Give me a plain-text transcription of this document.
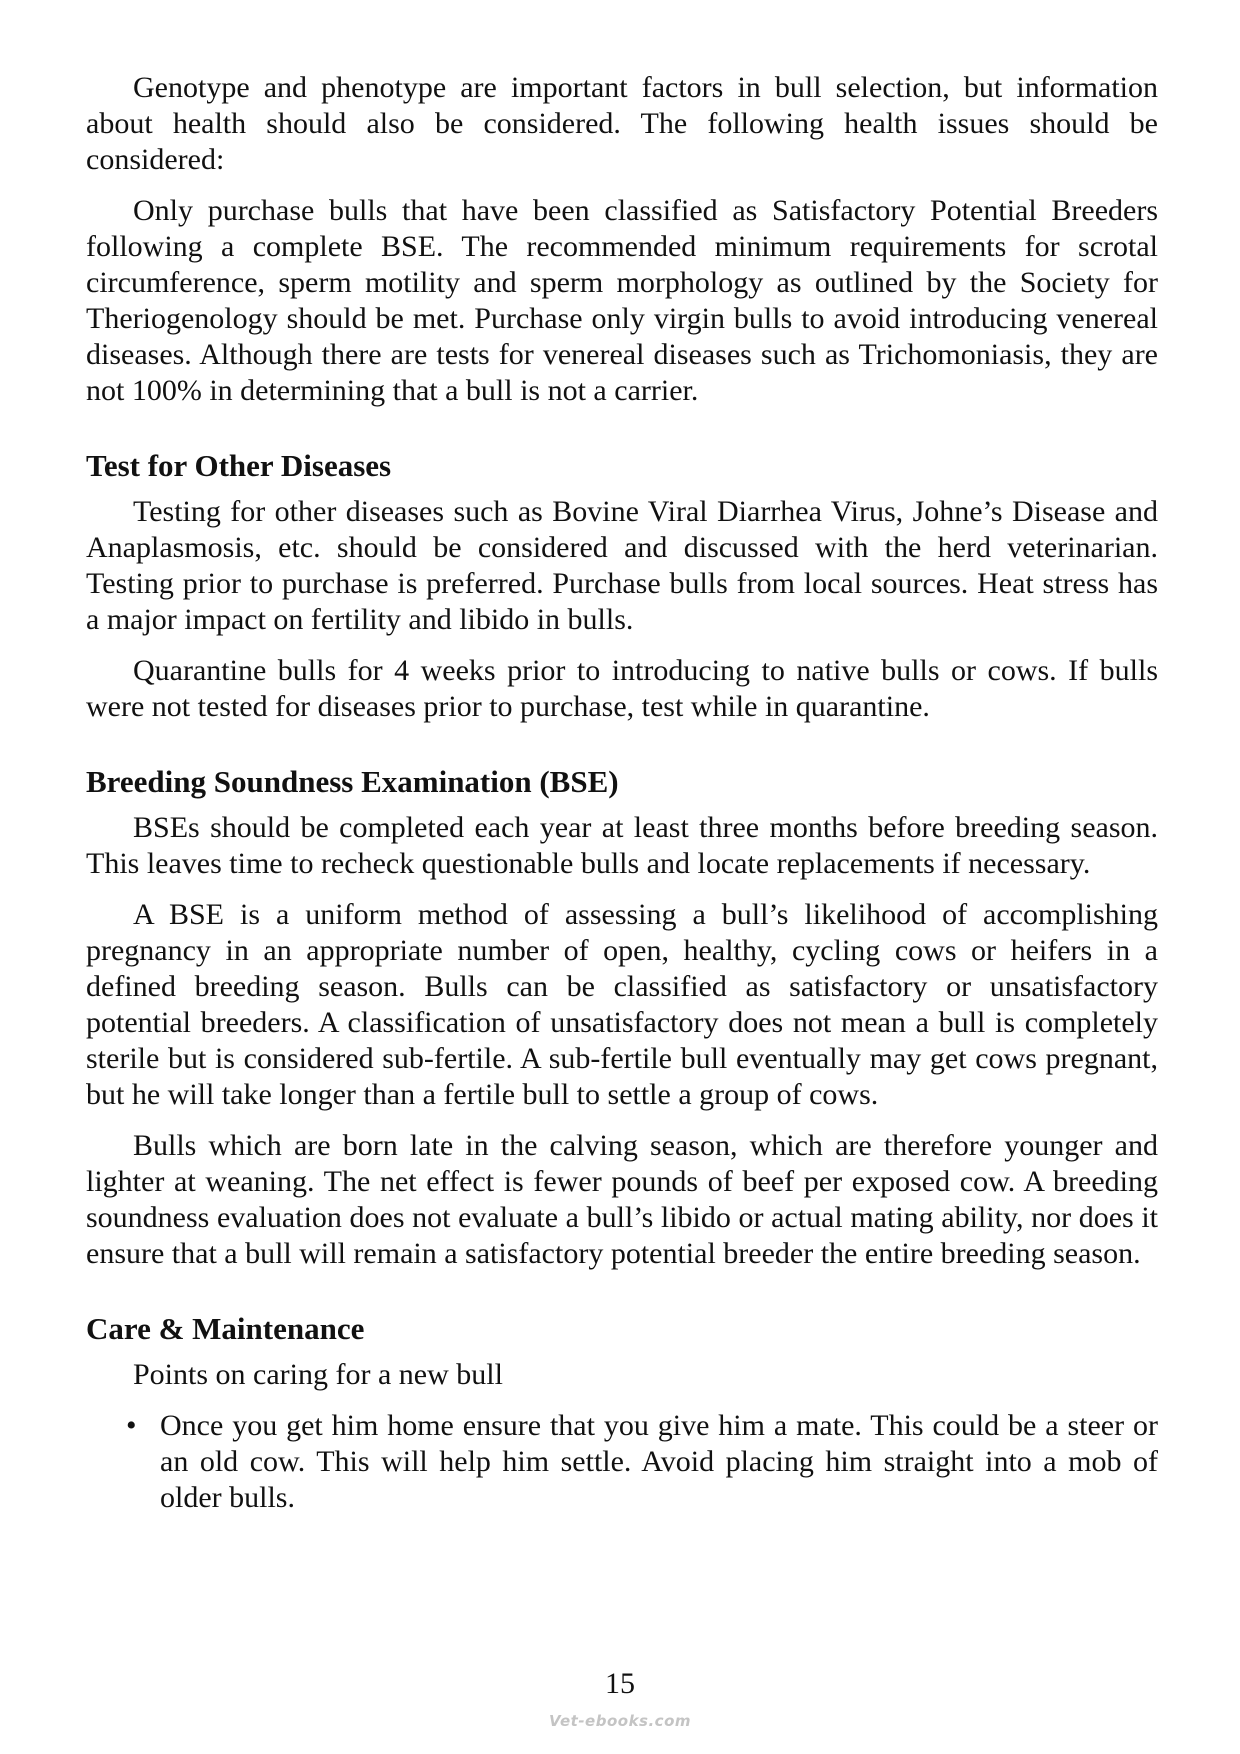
Genotype and phenotype are important factors in bull selection, but information about health should also be considered. The following health issues should be considered:

Only purchase bulls that have been classified as Satisfactory Potential Breeders following a complete BSE. The recommended minimum requirements for scrotal circumference, sperm motility and sperm morphology as outlined by the Society for Theriogenology should be met. Purchase only virgin bulls to avoid introducing venereal diseases. Although there are tests for venereal diseases such as Trichomoniasis, they are not 100% in determining that a bull is not a carrier.

Test for Other Diseases

Testing for other diseases such as Bovine Viral Diarrhea Virus, Johne’s Disease and Anaplasmosis, etc. should be considered and discussed with the herd veterinarian. Testing prior to purchase is preferred. Purchase bulls from local sources. Heat stress has a major impact on fertility and libido in bulls.

Quarantine bulls for 4 weeks prior to introducing to native bulls or cows. If bulls were not tested for diseases prior to purchase, test while in quarantine.

Breeding Soundness Examination (BSE)

BSEs should be completed each year at least three months before breeding season. This leaves time to recheck questionable bulls and locate replacements if necessary.

A BSE is a uniform method of assessing a bull’s likelihood of accomplishing pregnancy in an appropriate number of open, healthy, cycling cows or heifers in a defined breeding season. Bulls can be classified as satisfactory or unsatisfactory potential breeders. A classification of unsatisfactory does not mean a bull is completely sterile but is considered sub-fertile. A sub-fertile bull eventually may get cows pregnant, but he will take longer than a fertile bull to settle a group of cows.

Bulls which are born late in the calving season, which are therefore younger and lighter at weaning. The net effect is fewer pounds of beef per exposed cow. A breeding soundness evaluation does not evaluate a bull’s libido or actual mating ability, nor does it ensure that a bull will remain a satisfactory potential breeder the entire breeding season.

Care & Maintenance

Points on caring for a new bull

• Once you get him home ensure that you give him a mate. This could be a steer or an old cow. This will help him settle. Avoid placing him straight into a mob of older bulls.
15
Vet-ebooks.com
